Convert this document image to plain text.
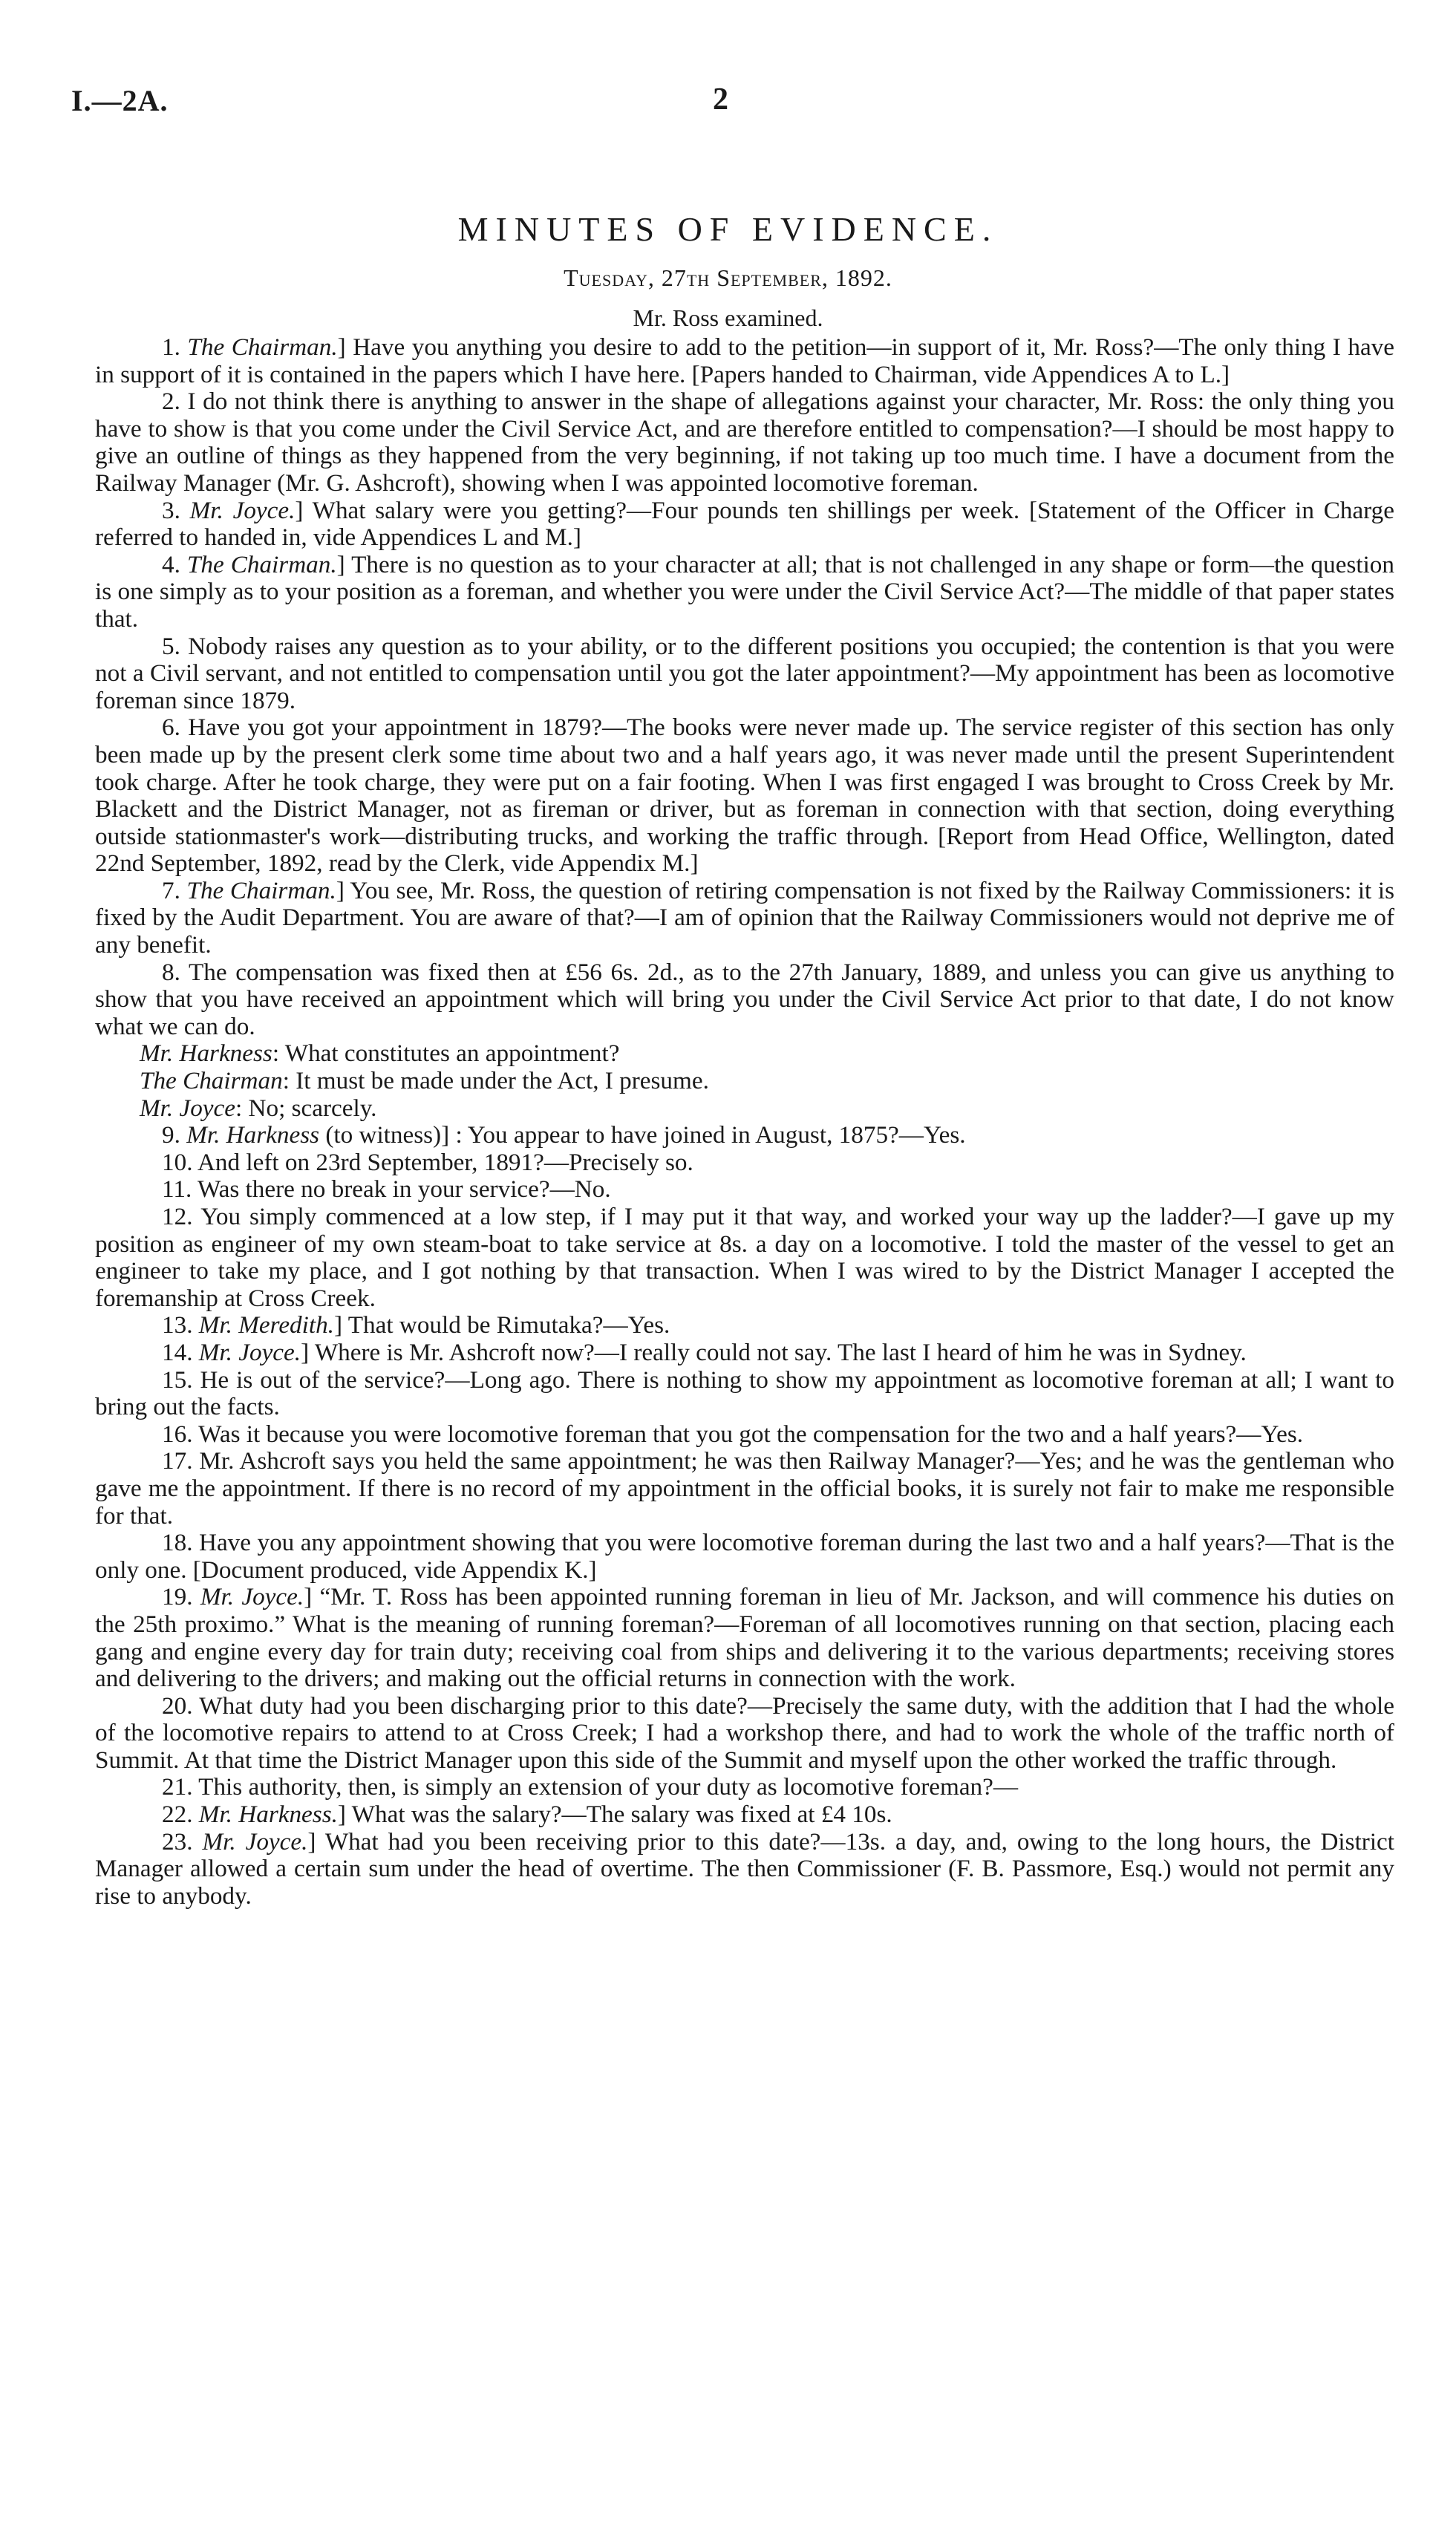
I.—2A.	2
MINUTES OF EVIDENCE.
Tuesday, 27th September, 1892.
Mr. Ross examined.

1. The Chairman.] Have you anything you desire to add to the petition—in support of it, Mr. Ross?—The only thing I have in support of it is contained in the papers which I have here. [Papers handed to Chairman, vide Appendices A to L.]

2. I do not think there is anything to answer in the shape of allegations against your character, Mr. Ross: the only thing you have to show is that you come under the Civil Service Act, and are therefore entitled to compensation?—I should be most happy to give an outline of things as they happened from the very beginning, if not taking up too much time. I have a document from the Railway Manager (Mr. G. Ashcroft), showing when I was appointed locomotive foreman.

3. Mr. Joyce.] What salary were you getting?—Four pounds ten shillings per week. [Statement of the Officer in Charge referred to handed in, vide Appendices L and M.]

4. The Chairman.] There is no question as to your character at all; that is not challenged in any shape or form—the question is one simply as to your position as a foreman, and whether you were under the Civil Service Act?—The middle of that paper states that.

5. Nobody raises any question as to your ability, or to the different positions you occupied; the contention is that you were not a Civil servant, and not entitled to compensation until you got the later appointment?—My appointment has been as locomotive foreman since 1879.

6. Have you got your appointment in 1879?—The books were never made up. The service register of this section has only been made up by the present clerk some time about two and a half years ago, it was never made until the present Superintendent took charge. After he took charge, they were put on a fair footing. When I was first engaged I was brought to Cross Creek by Mr. Blackett and the District Manager, not as fireman or driver, but as foreman in connection with that section, doing everything outside stationmaster's work—distributing trucks, and working the traffic through. [Report from Head Office, Wellington, dated 22nd September, 1892, read by the Clerk, vide Appendix M.]

7. The Chairman.] You see, Mr. Ross, the question of retiring compensation is not fixed by the Railway Commissioners: it is fixed by the Audit Department. You are aware of that?—I am of opinion that the Railway Commissioners would not deprive me of any benefit.

8. The compensation was fixed then at £56 6s. 2d., as to the 27th January, 1889, and unless you can give us anything to show that you have received an appointment which will bring you under the Civil Service Act prior to that date, I do not know what we can do.

Mr. Harkness: What constitutes an appointment?

The Chairman: It must be made under the Act, I presume.

Mr. Joyce: No; scarcely.

9. Mr. Harkness (to witness)] : You appear to have joined in August, 1875?—Yes.

10. And left on 23rd September, 1891?—Precisely so.

11. Was there no break in your service?—No.

12. You simply commenced at a low step, if I may put it that way, and worked your way up the ladder?—I gave up my position as engineer of my own steam-boat to take service at 8s. a day on a locomotive. I told the master of the vessel to get an engineer to take my place, and I got nothing by that transaction. When I was wired to by the District Manager I accepted the foremanship at Cross Creek.

13. Mr. Meredith.] That would be Rimutaka?—Yes.

14. Mr. Joyce.] Where is Mr. Ashcroft now?—I really could not say. The last I heard of him he was in Sydney.

15. He is out of the service?—Long ago. There is nothing to show my appointment as locomotive foreman at all; I want to bring out the facts.

16. Was it because you were locomotive foreman that you got the compensation for the two and a half years?—Yes.

17. Mr. Ashcroft says you held the same appointment; he was then Railway Manager?—Yes; and he was the gentleman who gave me the appointment. If there is no record of my appointment in the official books, it is surely not fair to make me responsible for that.

18. Have you any appointment showing that you were locomotive foreman during the last two and a half years?—That is the only one. [Document produced, vide Appendix K.]

19. Mr. Joyce.] “Mr. T. Ross has been appointed running foreman in lieu of Mr. Jackson, and will commence his duties on the 25th proximo.” What is the meaning of running foreman?—Foreman of all locomotives running on that section, placing each gang and engine every day for train duty; receiving coal from ships and delivering it to the various departments; receiving stores and delivering to the drivers; and making out the official returns in connection with the work.

20. What duty had you been discharging prior to this date?—Precisely the same duty, with the addition that I had the whole of the locomotive repairs to attend to at Cross Creek; I had a workshop there, and had to work the whole of the traffic north of Summit. At that time the District Manager upon this side of the Summit and myself upon the other worked the traffic through.

21. This authority, then, is simply an extension of your duty as locomotive foreman?—

22. Mr. Harkness.] What was the salary?—The salary was fixed at £4 10s.

23. Mr. Joyce.] What had you been receiving prior to this date?—13s. a day, and, owing to the long hours, the District Manager allowed a certain sum under the head of overtime. The then Commissioner (F. B. Passmore, Esq.) would not permit any rise to anybody.
